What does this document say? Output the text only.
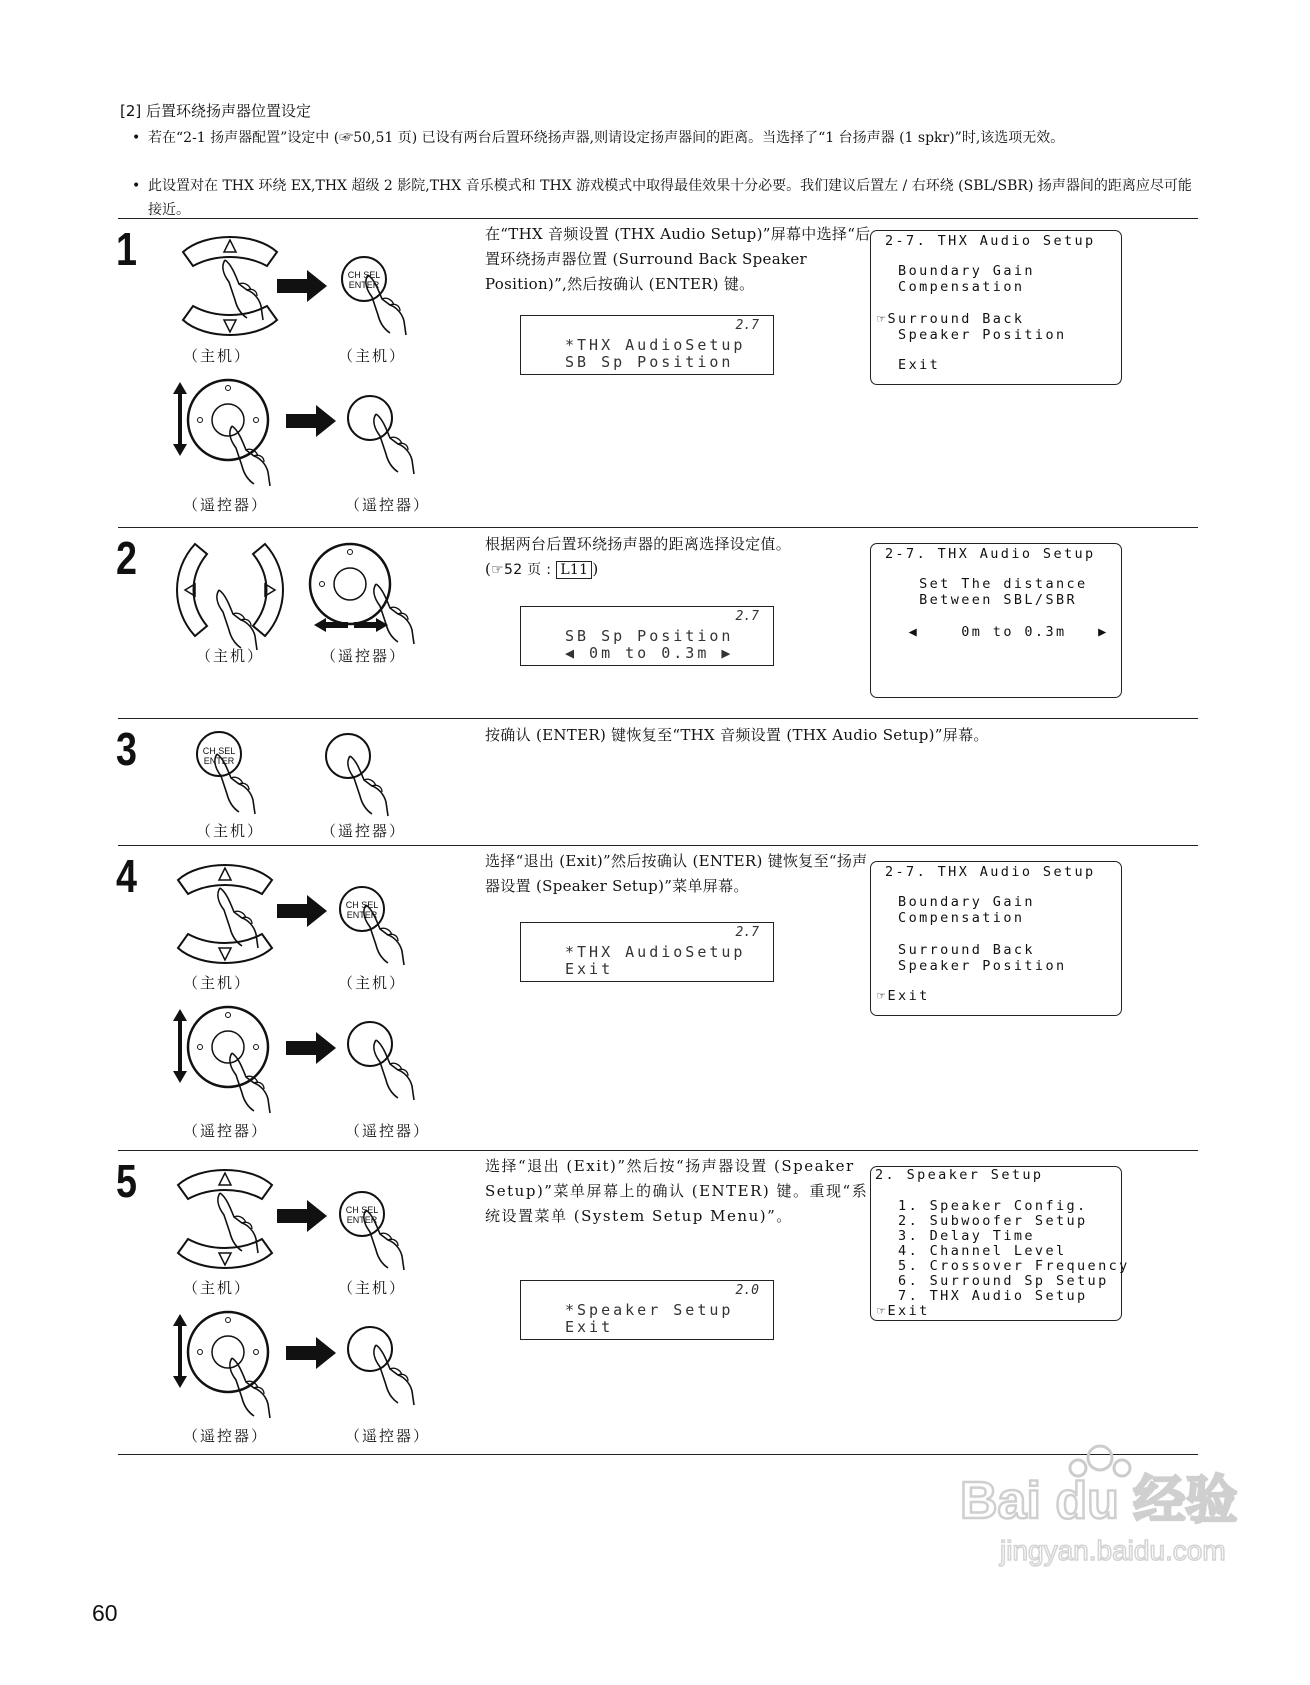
[2] 后置环绕扬声器位置设定
• 若在“2-1 扬声器配置”设定中 (☞50,51 页) 已设有两台后置环绕扬声器,则请设定扬声器间的距离。当选择了“1 台扬声器 (1 spkr)”时,该选项无效。
• 此设置对在 THX 环绕 EX,THX 超级 2 影院,THX 音乐模式和 THX 游戏模式中取得最佳效果十分必要。我们建议后置左 / 右环绕 (SBL/SBR) 扬声器间的距离应尽可能接近。
1	CH SEL
ENTER
（主机）	（主机）
（遥控器）	（遥控器）
在“THX 音频设置 (THX Audio Setup)”屏幕中选择“后置环绕扬声器位置 (Surround Back Speaker Position)”,然后按确认 (ENTER) 键。
2.7
*THX AudioSetup
SB Sp Position
2-7. THX Audio Setup
Boundary Gain
Compensation
☞Surround Back
Speaker Position
Exit
2
（主机）	（遥控器）
根据两台后置环绕扬声器的距离选择设定值。
(☞52 页 : L11 )
2.7
SB Sp Position
◀ 0m to 0.3m ▶
2-7. THX Audio Setup
Set The distance
Between SBL/SBR
◀    0m to 0.3m   ▶
3	CH SEL
ENTER
（主机）	（遥控器）
按确认 (ENTER) 键恢复至“THX 音频设置 (THX Audio Setup)”屏幕。
4
CH SEL
ENTER
（主机）	（主机）
（遥控器）	（遥控器）
选择“退出 (Exit)”然后按确认 (ENTER) 键恢复至“扬声器设置 (Speaker Setup)”菜单屏幕。
2.7
*THX AudioSetup
Exit
2-7. THX Audio Setup
Boundary Gain
Compensation
Surround Back
Speaker Position
☞Exit
5
CH SEL
ENTER
（主机）	（主机）
（遥控器）	（遥控器）
选择“退出 (Exit)”然后按“扬声器设置 (Speaker Setup)”菜单屏幕上的确认 (ENTER) 键。重现“系统设置菜单 (System Setup Menu)”。
2.0
*Speaker Setup
Exit
2. Speaker Setup
1. Speaker Config.
2. Subwoofer Setup
3. Delay Time
4. Channel Level
5. Crossover Frequency
6. Surround Sp Setup
7. THX Audio Setup
☞Exit
60
Bai du 经验
jingyan.baidu.com
